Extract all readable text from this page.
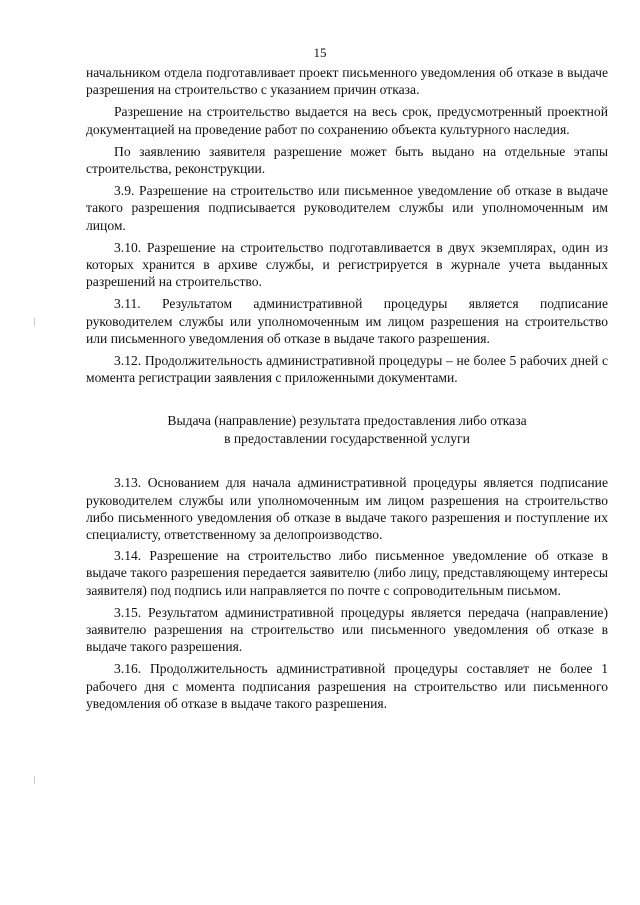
15

начальником отдела подготавливает проект письменного уведомления об отказе в выдаче разрешения на строительство с указанием причин отказа.

Разрешение на строительство выдается на весь срок, предусмотренный проектной документацией на проведение работ по сохранению объекта культурного наследия.

По заявлению заявителя разрешение может быть выдано на отдельные этапы строительства, реконструкции.

3.9. Разрешение на строительство или письменное уведомление об отказе в выдаче такого разрешения подписывается руководителем службы или уполномоченным им лицом.

3.10. Разрешение на строительство подготавливается в двух экземплярах, один из которых хранится в архиве службы, и регистрируется в журнале учета выданных разрешений на строительство.

3.11. Результатом административной процедуры является подписание руководителем службы или уполномоченным им лицом разрешения на строительство или письменного уведомления об отказе в выдаче такого разрешения.

3.12. Продолжительность административной процедуры – не более 5 рабочих дней с момента регистрации заявления с приложенными документами.

Выдача (направление) результата предоставления либо отказа
в предоставлении государственной услуги

3.13. Основанием для начала административной процедуры является подписание руководителем службы или уполномоченным им лицом разрешения на строительство либо письменного уведомления об отказе в выдаче такого разрешения и поступление их специалисту, ответственному за делопроизводство.

3.14. Разрешение на строительство либо письменное уведомление об отказе в выдаче такого разрешения передается заявителю (либо лицу, представляющему интересы заявителя) под подпись или направляется по почте с сопроводительным письмом.

3.15. Результатом административной процедуры является передача (направление) заявителю разрешения на строительство или письменного уведомления об отказе в выдаче такого разрешения.

3.16. Продолжительность административной процедуры составляет не более 1 рабочего дня с момента подписания разрешения на строительство или письменного уведомления об отказе в выдаче такого разрешения.
